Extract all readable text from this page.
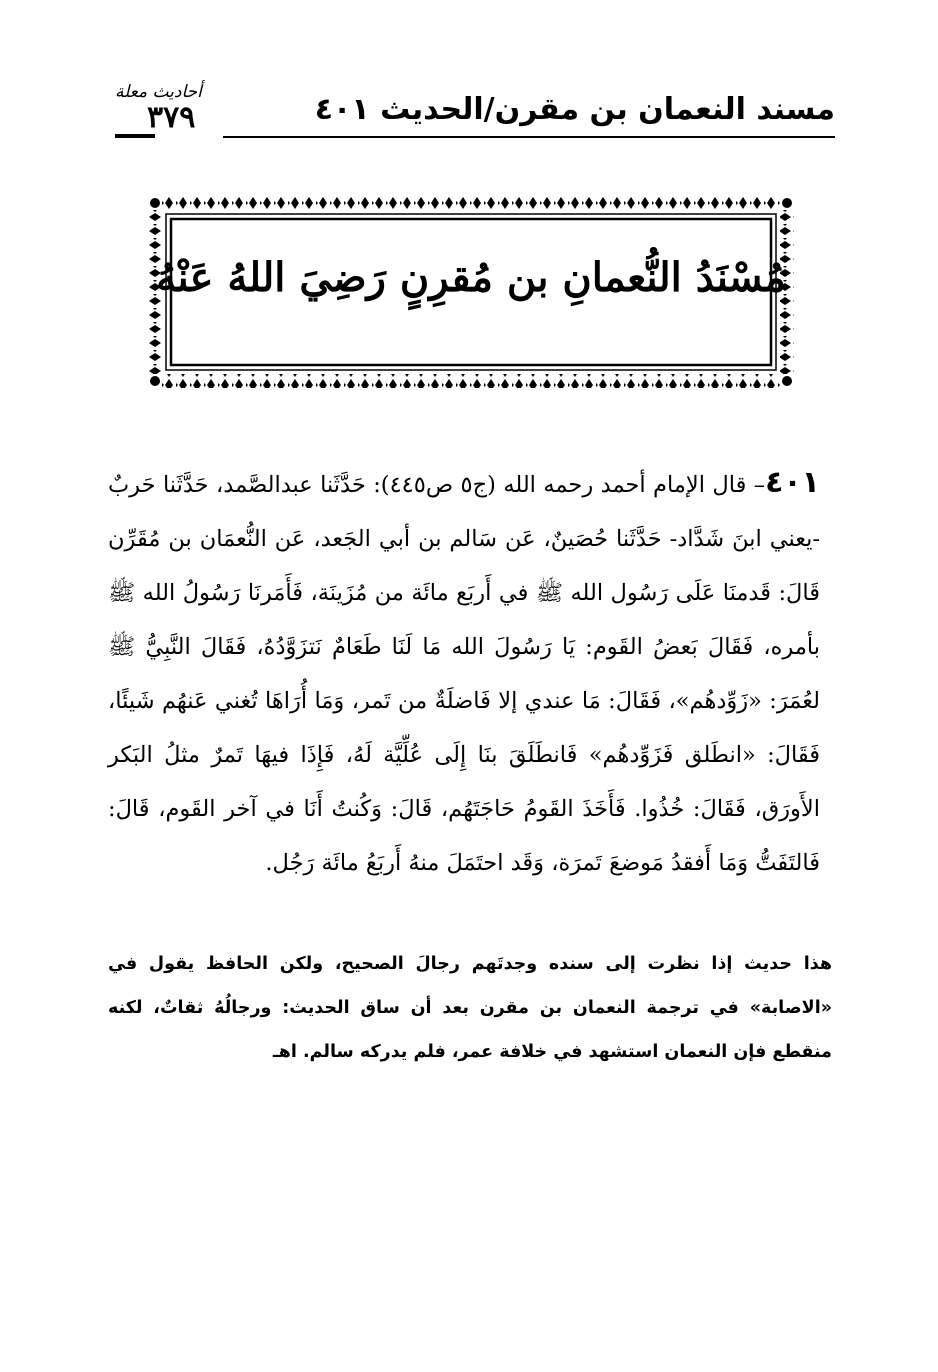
مسند النعمان بن مقرن/الحديث ٤٠١
أحاديث معلة
٣٧٩
مُسْنَدُ النُّعمانِ بن مُقرِنٍ رَضِيَ اللهُ عَنْهُ
٤٠١– قال الإمام أحمد رحمه الله (ج٥ ص٤٤٥): حَدَّثَنا عبدالصَّمد، حَدَّثَنا حَربٌ -يعني ابنَ شَدَّاد- حَدَّثَنا حُصَينٌ، عَن سَالم بن أبي الجَعد، عَن النُّعمَان بن مُقَرِّن قَالَ: قَدمنَا عَلَى رَسُول الله ﷺ في أَربَع مائَة من مُزَينَة، فَأَمَرنَا رَسُولُ الله ﷺ بأمره، فَقَالَ بَعضُ القَوم: يَا رَسُولَ الله مَا لَنَا طَعَامٌ نَتزَوَّدُهُ، فَقَالَ النَّبِيُّ ﷺ لعُمَرَ: «زَوِّدهُم»، فَقَالَ: مَا عندي إلا فَاضلَةٌ من تَمر، وَمَا أُرَاهَا تُغني عَنهُم شَيئًا، فَقَالَ: «انطَلق فَزَوِّدهُم» فَانطَلَقَ بنَا إِلَى عُلِّيَّة لَهُ، فَإِذَا فيهَا تَمرٌ مثلُ البَكر الأَورَق، فَقَالَ: خُذُوا. فَأَخَذَ القَومُ حَاجَتَهُم، قَالَ: وَكُنتُ أَنَا في آخر القَوم، قَالَ: فَالتَفَتُّ وَمَا أَفقدُ مَوضعَ تَمرَة، وَقَد احتَمَلَ منهُ أَربَعُ مائَة رَجُل.
هذا حديث إذا نظرت إلى سنده وجدتَهم رجالَ الصحيح، ولكن الحافظ يقول في «الاصابة» في ترجمة النعمان بن مقرن بعد أن ساق الحديث: ورجالُهُ ثقاتٌ، لكنه منقطع فإن النعمان استشهد في خلافة عمر، فلم يدركه سالم. اهـ
